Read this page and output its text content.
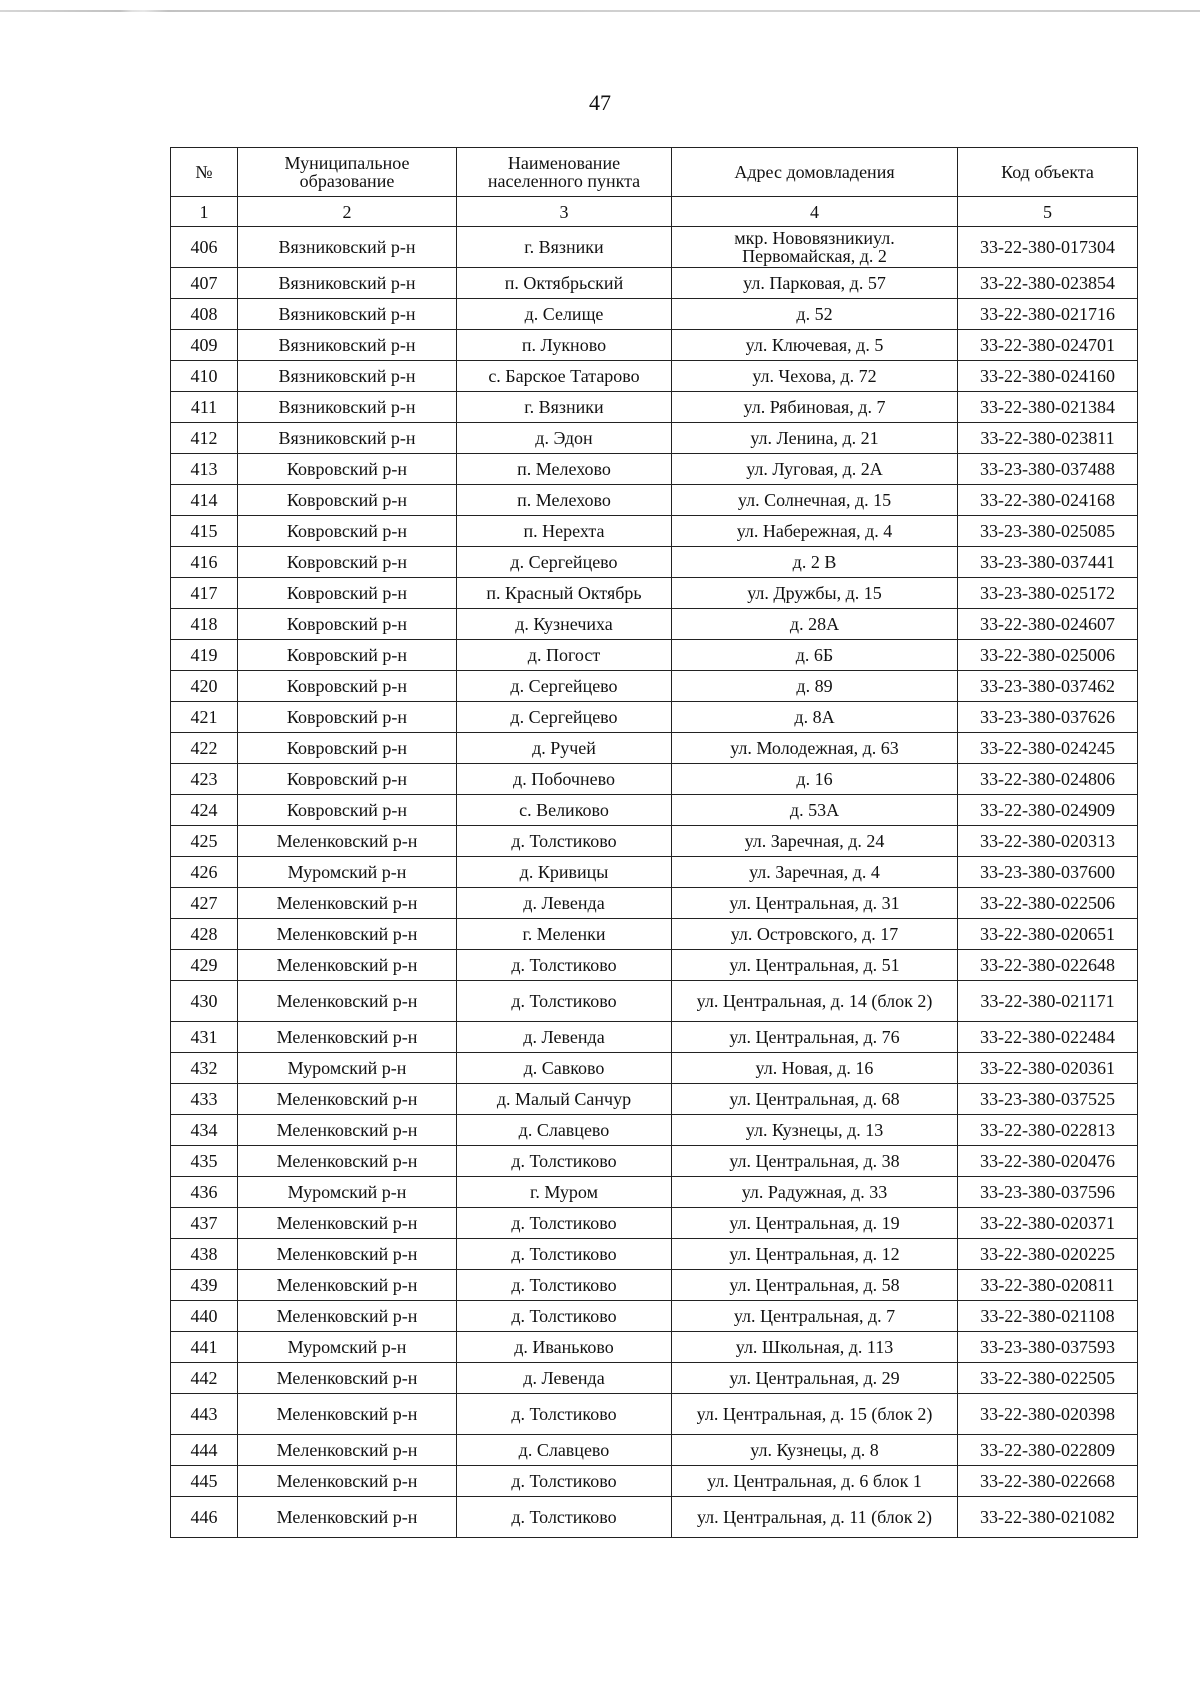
47
№	Муниципальное образование	Наименование населенного пункта	Адрес домовладения	Код объекта
1	2	3	4	5
406	Вязниковский р-н	г. Вязники	мкр. Нововязникиул. Первомайская, д. 2	33-22-380-017304
407	Вязниковский р-н	п. Октябрьский	ул. Парковая, д. 57	33-22-380-023854
408	Вязниковский р-н	д. Селище	д. 52	33-22-380-021716
409	Вязниковский р-н	п. Лукново	ул. Ключевая, д. 5	33-22-380-024701
410	Вязниковский р-н	с. Барское Татарово	ул. Чехова, д. 72	33-22-380-024160
411	Вязниковский р-н	г. Вязники	ул. Рябиновая, д. 7	33-22-380-021384
412	Вязниковский р-н	д. Эдон	ул. Ленина, д. 21	33-22-380-023811
413	Ковровский р-н	п. Мелехово	ул. Луговая, д. 2А	33-23-380-037488
414	Ковровский р-н	п. Мелехово	ул. Солнечная, д. 15	33-22-380-024168
415	Ковровский р-н	п. Нерехта	ул. Набережная, д. 4	33-23-380-025085
416	Ковровский р-н	д. Сергейцево	д. 2 В	33-23-380-037441
417	Ковровский р-н	п. Красный Октябрь	ул. Дружбы, д. 15	33-23-380-025172
418	Ковровский р-н	д. Кузнечиха	д. 28А	33-22-380-024607
419	Ковровский р-н	д. Погост	д. 6Б	33-22-380-025006
420	Ковровский р-н	д. Сергейцево	д. 89	33-23-380-037462
421	Ковровский р-н	д. Сергейцево	д. 8А	33-23-380-037626
422	Ковровский р-н	д. Ручей	ул. Молодежная, д. 63	33-22-380-024245
423	Ковровский р-н	д. Побочнево	д. 16	33-22-380-024806
424	Ковровский р-н	с. Великово	д. 53А	33-22-380-024909
425	Меленковский р-н	д. Толстиково	ул. Заречная, д. 24	33-22-380-020313
426	Муромский р-н	д. Кривицы	ул. Заречная, д. 4	33-23-380-037600
427	Меленковский р-н	д. Левенда	ул. Центральная, д. 31	33-22-380-022506
428	Меленковский р-н	г. Меленки	ул. Островского, д. 17	33-22-380-020651
429	Меленковский р-н	д. Толстиково	ул. Центральная, д. 51	33-22-380-022648
430	Меленковский р-н	д. Толстиково	ул. Центральная, д. 14 (блок 2)	33-22-380-021171
431	Меленковский р-н	д. Левенда	ул. Центральная, д. 76	33-22-380-022484
432	Муромский р-н	д. Савково	ул. Новая, д. 16	33-22-380-020361
433	Меленковский р-н	д. Малый Санчур	ул. Центральная, д. 68	33-23-380-037525
434	Меленковский р-н	д. Славцево	ул. Кузнецы, д. 13	33-22-380-022813
435	Меленковский р-н	д. Толстиково	ул. Центральная, д. 38	33-22-380-020476
436	Муромский р-н	г. Муром	ул. Радужная, д. 33	33-23-380-037596
437	Меленковский р-н	д. Толстиково	ул. Центральная, д. 19	33-22-380-020371
438	Меленковский р-н	д. Толстиково	ул. Центральная, д. 12	33-22-380-020225
439	Меленковский р-н	д. Толстиково	ул. Центральная, д. 58	33-22-380-020811
440	Меленковский р-н	д. Толстиково	ул. Центральная, д. 7	33-22-380-021108
441	Муромский р-н	д. Иваньково	ул. Школьная, д. 113	33-23-380-037593
442	Меленковский р-н	д. Левенда	ул. Центральная, д. 29	33-22-380-022505
443	Меленковский р-н	д. Толстиково	ул. Центральная, д. 15 (блок 2)	33-22-380-020398
444	Меленковский р-н	д. Славцево	ул. Кузнецы, д. 8	33-22-380-022809
445	Меленковский р-н	д. Толстиково	ул. Центральная, д. 6 блок 1	33-22-380-022668
446	Меленковский р-н	д. Толстиково	ул. Центральная, д. 11 (блок 2)	33-22-380-021082
